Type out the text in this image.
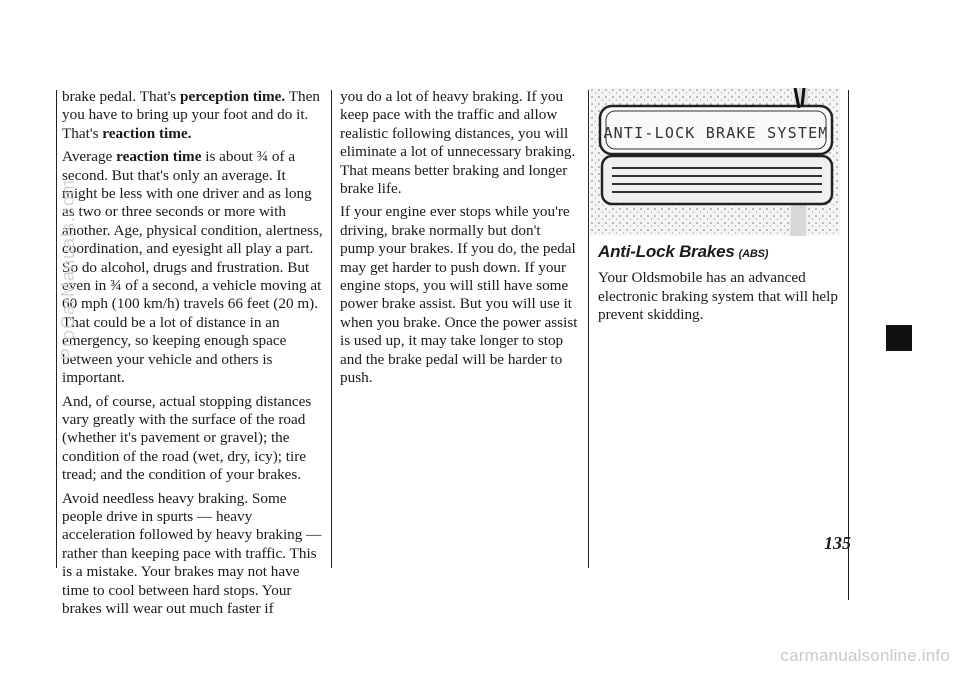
brake pedal. That's perception time. Then you have to bring up your foot and do it. That's reaction time.

Average reaction time is about ¾ of a second. But that's only an average. It might be less with one driver and as long as two or three seconds or more with another. Age, physical condition, alertness, coordination, and eyesight all play a part. So do alcohol, drugs and frustration. But even in ¾ of a second, a vehicle moving at 60 mph (100 km/h) travels 66 feet (20 m). That could be a lot of distance in an emergency, so keeping enough space between your vehicle and others is important.

And, of course, actual stopping distances vary greatly with the surface of the road (whether it's pavement or gravel); the condition of the road (wet, dry, icy); tire tread; and the condition of your brakes.

Avoid needless heavy braking. Some people drive in spurts — heavy acceleration followed by heavy braking — rather than keeping pace with traffic. This is a mistake. Your brakes may not have time to cool between hard stops. Your brakes will wear out much faster if

you do a lot of heavy braking. If you keep pace with the traffic and allow realistic following distances, you will eliminate a lot of unnecessary braking. That means better braking and longer brake life.

If your engine ever stops while you're driving, brake normally but don't pump your brakes. If you do, the pedal may get harder to push down. If your engine stops, you will still have some power brake assist. But you will use it when you brake. Once the power assist is used up, it may take longer to stop and the brake pedal will be harder to push.

ANTI-LOCK BRAKE SYSTEM
Anti-Lock Brakes (ABS)

Your Oldsmobile has an advanced electronic braking system that will help prevent skidding.

135
ProCarManuals.com
carmanualsonline.info
